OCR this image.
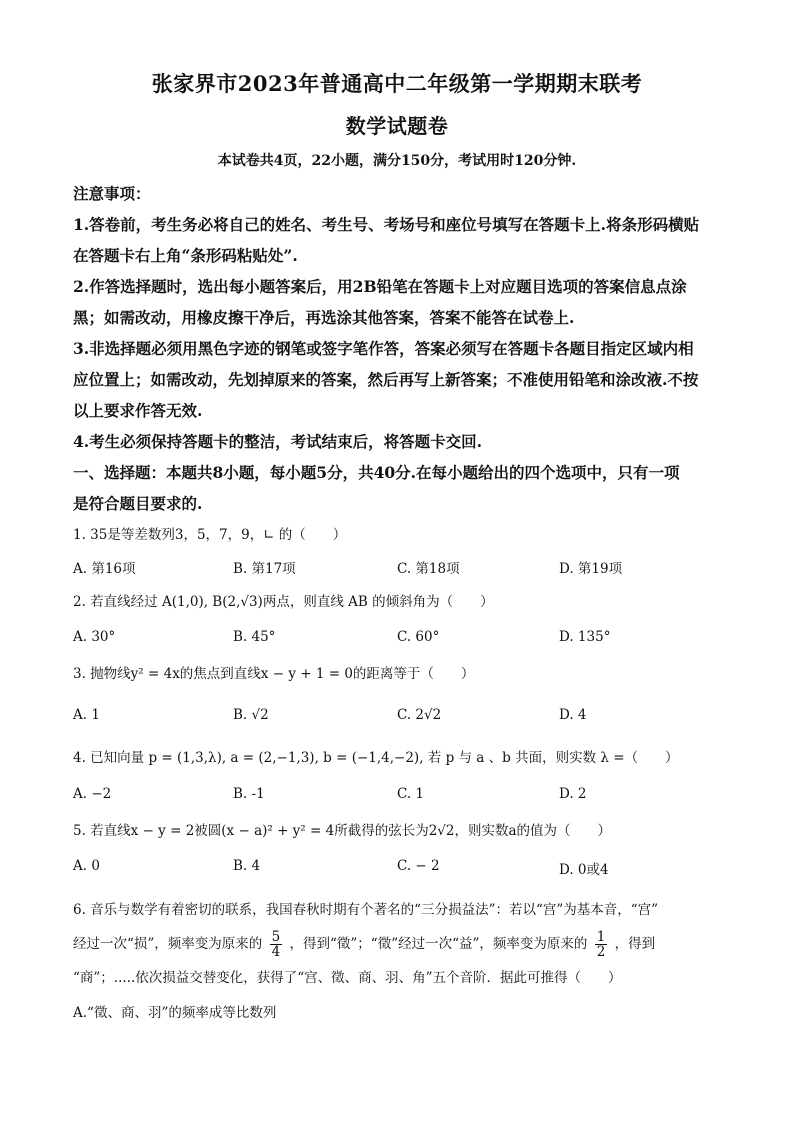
张家界市2023年普通高中二年级第一学期期末联考
数学试题卷
本试卷共4页，22小题，满分150分，考试用时120分钟.
注意事项：
1.答卷前，考生务必将自己的姓名、考生号、考场号和座位号填写在答题卡上.将条形码横贴
在答题卡右上角“条形码粘贴处”.
2.作答选择题时，选出每小题答案后，用2B铅笔在答题卡上对应题目选项的答案信息点涂
黑；如需改动，用橡皮擦干净后，再选涂其他答案，答案不能答在试卷上.
3.非选择题必须用黑色字迹的钢笔或签字笔作答，答案必须写在答题卡各题目指定区域内相
应位置上；如需改动，先划掉原来的答案，然后再写上新答案；不准使用铅笔和涂改液.不按
以上要求作答无效.
4.考生必须保持答题卡的整洁，考试结束后，将答题卡交回.
一、选择题：本题共8小题，每小题5分，共40分.在每小题给出的四个选项中，只有一项
是符合题目要求的.
1. 35是等差数列3，5，7，9，∟ 的（　　）
A. 第16项	B. 第17项	C. 第18项	D. 第19项
2. 若直线经过 A(1,0), B(2,√3)两点，则直线 AB 的倾斜角为（　　）
A. 30°	B. 45°	C. 60°	D. 135°
3. 抛物线y² = 4x的焦点到直线x − y + 1 = 0的距离等于（　　）
A. 1	B. √2	C. 2√2	D. 4
4. 已知向量 p = (1,3,λ), a = (2,−1,3), b = (−1,4,−2), 若 p 与 a 、b 共面，则实数 λ =（　　）
A. −2	B. -1	C. 1	D. 2
5. 若直线x − y = 2被圆(x − a)² + y² = 4所截得的弦长为2√2，则实数a的值为（　　）
A. 0	B. 4	C. − 2	D. 0或4
6. 音乐与数学有着密切的联系，我国春秋时期有个著名的“三分损益法”：若以“宫”为基本音，“宫”
经过一次“损”，频率变为原来的 $\frac{5}{4}$ ，得到“徵”；“徵”经过一次“益”，频率变为原来的 $\frac{1}{2}$ ，得到
“商”；.....依次损益交替变化，获得了“宫、徵、商、羽、角”五个音阶．据此可推得（　　）
A.“徵、商、羽”的频率成等比数列
